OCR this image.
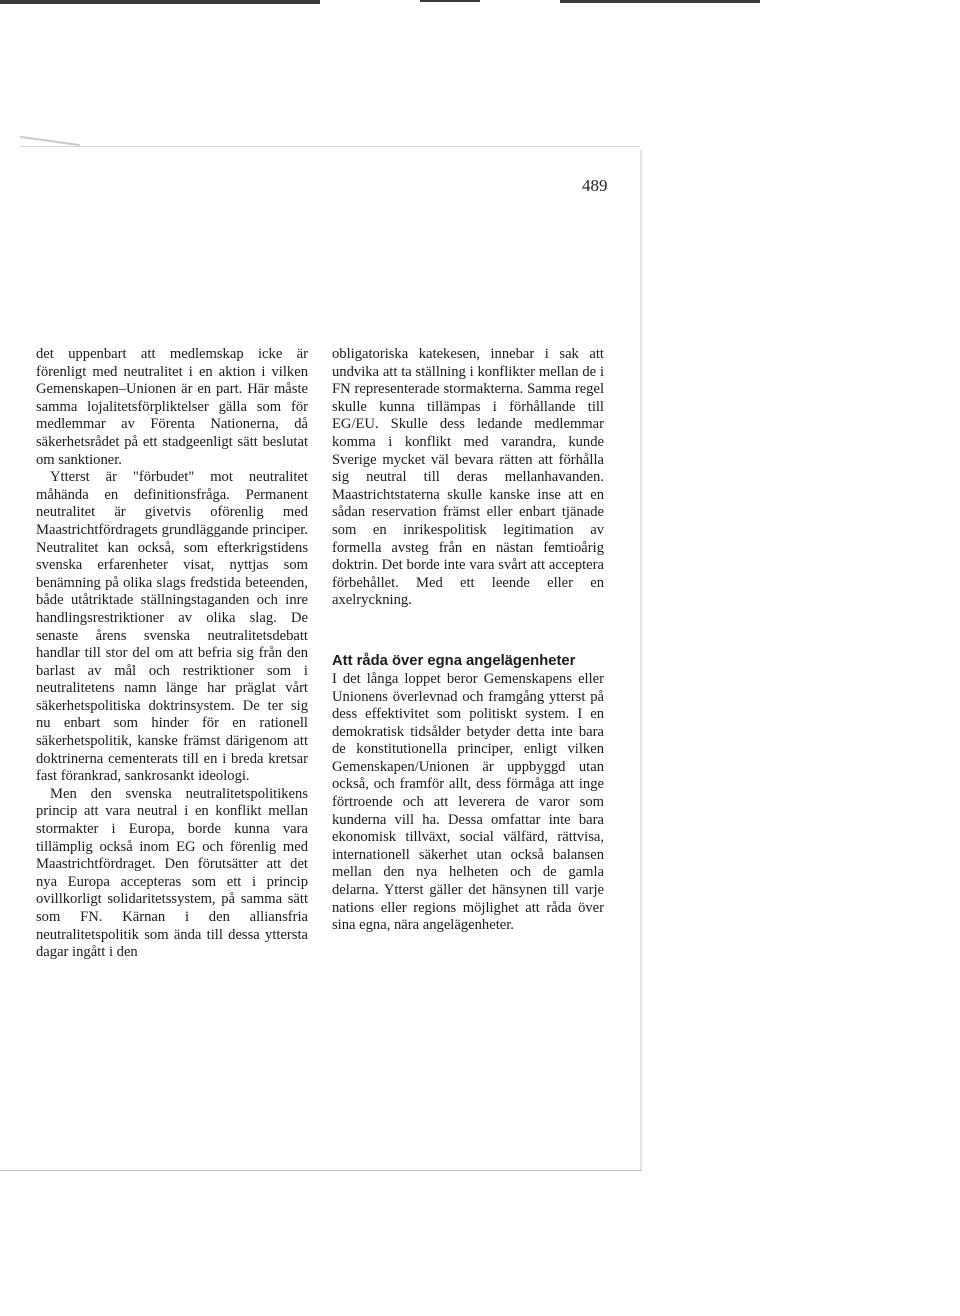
489

det uppenbart att medlemskap icke är förenligt med neutralitet i en aktion i vilken Gemenskapen–Unionen är en part. Här måste samma lojalitetsförpliktelser gälla som för medlemmar av Förenta Nationerna, då säkerhetsrådet på ett stadgeenligt sätt beslutat om sanktioner.

Ytterst är "förbudet" mot neutralitet måhända en definitionsfråga. Permanent neutralitet är givetvis oförenlig med Maastrichtfördragets grundläggande principer. Neutralitet kan också, som efterkrigstidens svenska erfarenheter visat, nyttjas som benämning på olika slags fredstida beteenden, både utåtriktade ställningstaganden och inre handlingsrestriktioner av olika slag. De senaste årens svenska neutralitetsdebatt handlar till stor del om att befria sig från den barlast av mål och restriktioner som i neutralitetens namn länge har präglat vårt säkerhetspolitiska doktrinsystem. De ter sig nu enbart som hinder för en rationell säkerhetspolitik, kanske främst därigenom att doktrinerna cementerats till en i breda kretsar fast förankrad, sankrosankt ideologi.

Men den svenska neutralitetspolitikens princip att vara neutral i en konflikt mellan stormakter i Europa, borde kunna vara tillämplig också inom EG och förenlig med Maastrichtfördraget. Den förutsätter att det nya Europa accepteras som ett i princip ovillkorligt solidaritetssystem, på samma sätt som FN. Kärnan i den alliansfria neutralitetspolitik som ända till dessa yttersta dagar ingått i den

obligatoriska katekesen, innebar i sak att undvika att ta ställning i konflikter mellan de i FN representerade stormakterna. Samma regel skulle kunna tillämpas i förhållande till EG/EU. Skulle dess ledande medlemmar komma i konflikt med varandra, kunde Sverige mycket väl bevara rätten att förhålla sig neutral till deras mellanhavanden. Maastrichtstaterna skulle kanske inse att en sådan reservation främst eller enbart tjänade som en inrikespolitisk legitimation av formella avsteg från en nästan femtioårig doktrin. Det borde inte vara svårt att acceptera förbehållet. Med ett leende eller en axelryckning.

Att råda över egna angelägenheter

I det långa loppet beror Gemenskapens eller Unionens överlevnad och framgång ytterst på dess effektivitet som politiskt system. I en demokratisk tidsålder betyder detta inte bara de konstitutionella principer, enligt vilken Gemenskapen/Unionen är uppbyggd utan också, och framför allt, dess förmåga att inge förtroende och att leverera de varor som kunderna vill ha. Dessa omfattar inte bara ekonomisk tillväxt, social välfärd, rättvisa, internationell säkerhet utan också balansen mellan den nya helheten och de gamla delarna. Ytterst gäller det hänsynen till varje nations eller regions möjlighet att råda över sina egna, nära angelägenheter.
